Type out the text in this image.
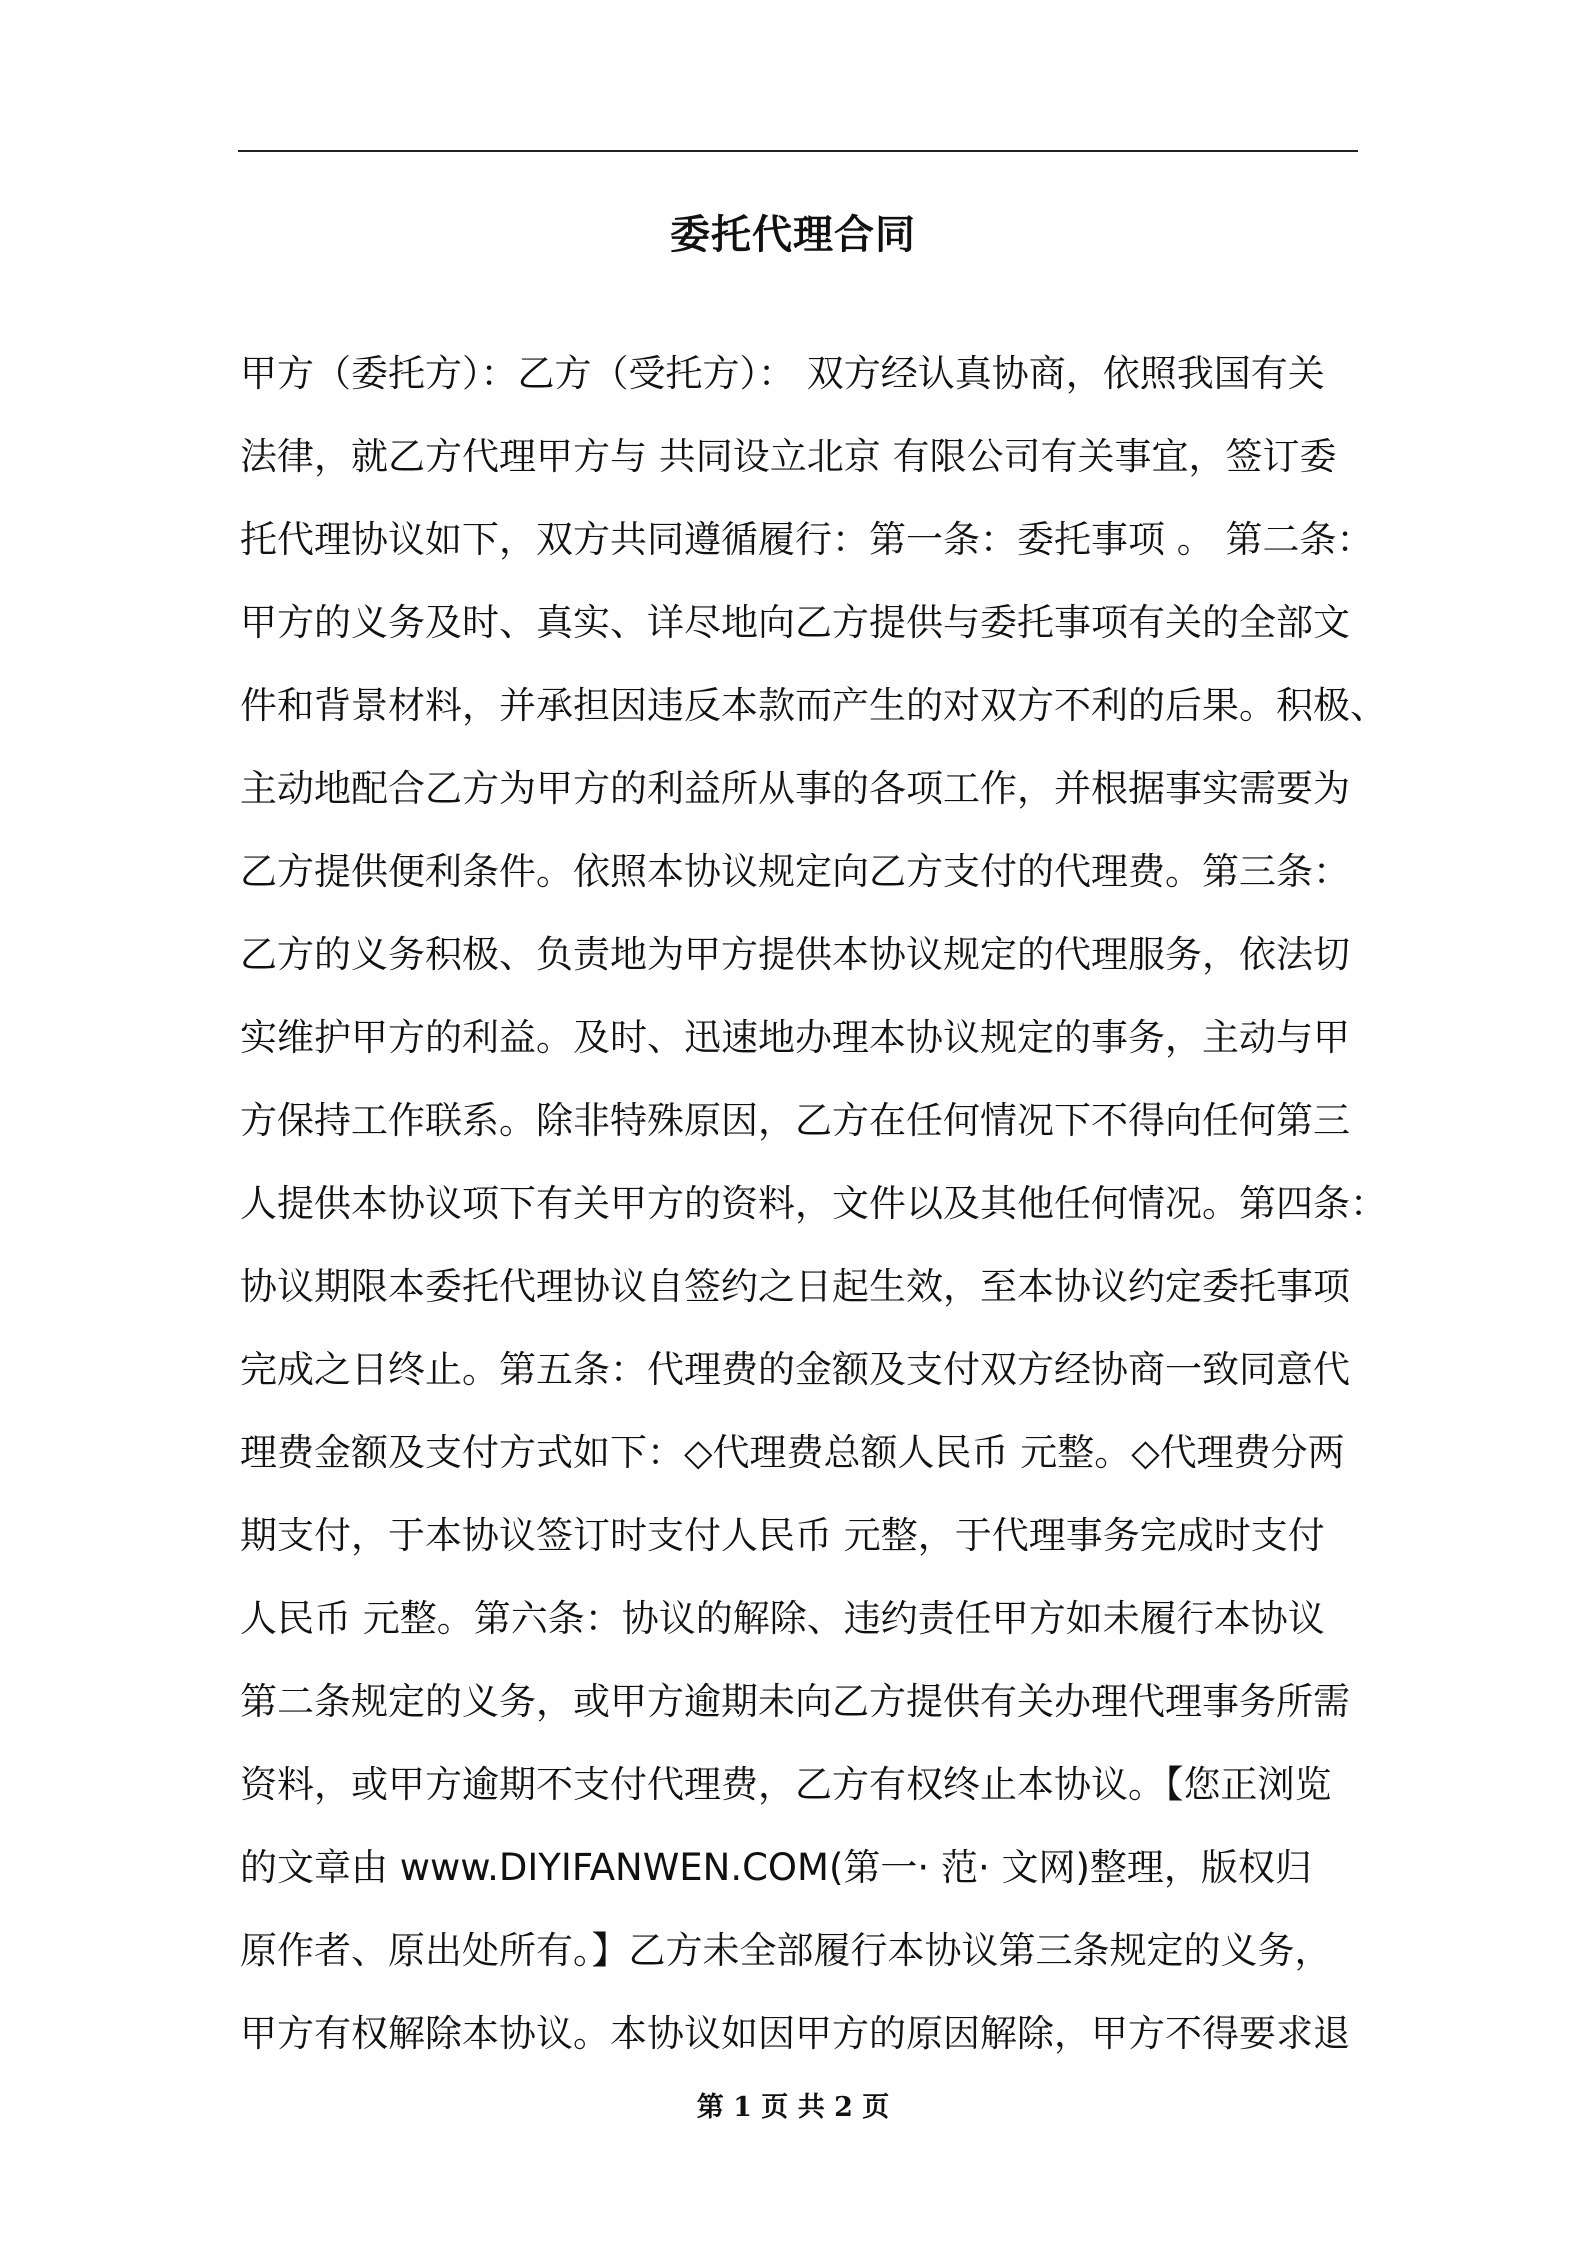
委托代理合同
甲方（委托方）：乙方（受托方）： 双方经认真协商，依照我国有关
法律，就乙方代理甲方与 共同设立北京 有限公司有关事宜，签订委
托代理协议如下，双方共同遵循履行：第一条：委托事项 。 第二条：
甲方的义务及时、真实、详尽地向乙方提供与委托事项有关的全部文
件和背景材料，并承担因违反本款而产生的对双方不利的后果。积极、
主动地配合乙方为甲方的利益所从事的各项工作，并根据事实需要为
乙方提供便利条件。依照本协议规定向乙方支付的代理费。第三条：
乙方的义务积极、负责地为甲方提供本协议规定的代理服务，依法切
实维护甲方的利益。及时、迅速地办理本协议规定的事务，主动与甲
方保持工作联系。除非特殊原因，乙方在任何情况下不得向任何第三
人提供本协议项下有关甲方的资料，文件以及其他任何情况。第四条：
协议期限本委托代理协议自签约之日起生效，至本协议约定委托事项
完成之日终止。第五条：代理费的金额及支付双方经协商一致同意代
理费金额及支付方式如下：◇代理费总额人民币 元整。◇代理费分两
期支付，于本协议签订时支付人民币 元整，于代理事务完成时支付
人民币 元整。第六条：协议的解除、违约责任甲方如未履行本协议
第二条规定的义务，或甲方逾期未向乙方提供有关办理代理事务所需
资料，或甲方逾期不支付代理费，乙方有权终止本协议。【您正浏览
的文章由 www.DIYIFANWEN.COM(第一· 范· 文网)整理，版权归
原作者、原出处所有。】乙方未全部履行本协议第三条规定的义务，
甲方有权解除本协议。本协议如因甲方的原因解除，甲方不得要求退
第 1 页 共 2 页
